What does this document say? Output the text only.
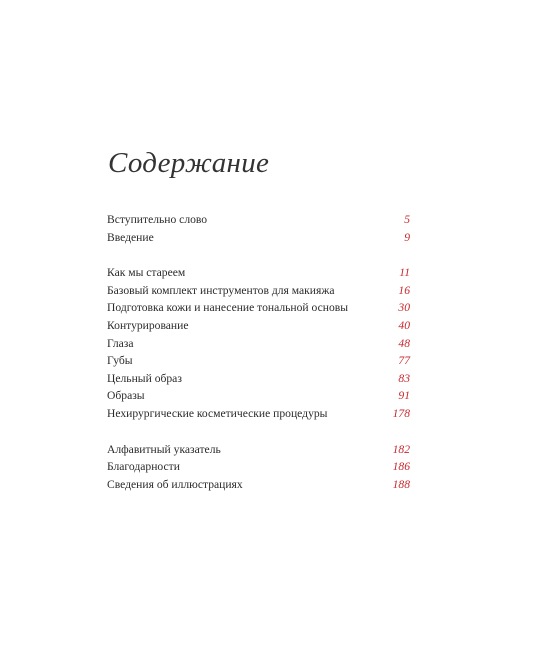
Содержание
Вступительно слово	5
Введение	9
Как мы стареем	11
Базовый комплект инструментов для макияжа	16
Подготовка кожи и нанесение тональной основы	30
Контурирование	40
Глаза	48
Губы	77
Цельный образ	83
Образы	91
Нехирургические косметические процедуры	178
Алфавитный указатель	182
Благодарности	186
Сведения об иллюстрациях	188
